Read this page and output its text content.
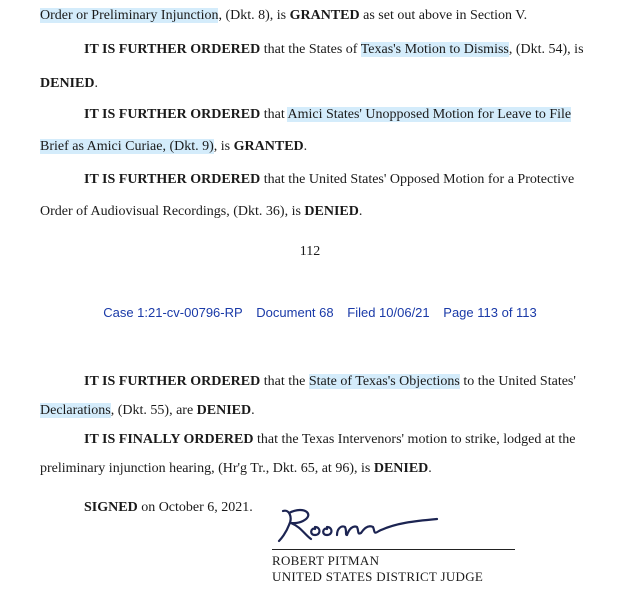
Order or Preliminary Injunction, (Dkt. 8), is GRANTED as set out above in Section V.
IT IS FURTHER ORDERED that the States of Texas's Motion to Dismiss, (Dkt. 54), is
DENIED.
IT IS FURTHER ORDERED that Amici States' Unopposed Motion for Leave to File
Brief as Amici Curiae, (Dkt. 9), is GRANTED.
IT IS FURTHER ORDERED that the United States' Opposed Motion for a Protective
Order of Audiovisual Recordings, (Dkt. 36), is DENIED.
112
Case 1:21-cv-00796-RP Document 68 Filed 10/06/21 Page 113 of 113
IT IS FURTHER ORDERED that the State of Texas's Objections to the United States'
Declarations, (Dkt. 55), are DENIED.
IT IS FINALLY ORDERED that the Texas Intervenors' motion to strike, lodged at the
preliminary injunction hearing, (Hr'g Tr., Dkt. 65, at 96), is DENIED.
SIGNED on October 6, 2021.
ROBERT PITMAN
UNITED STATES DISTRICT JUDGE
